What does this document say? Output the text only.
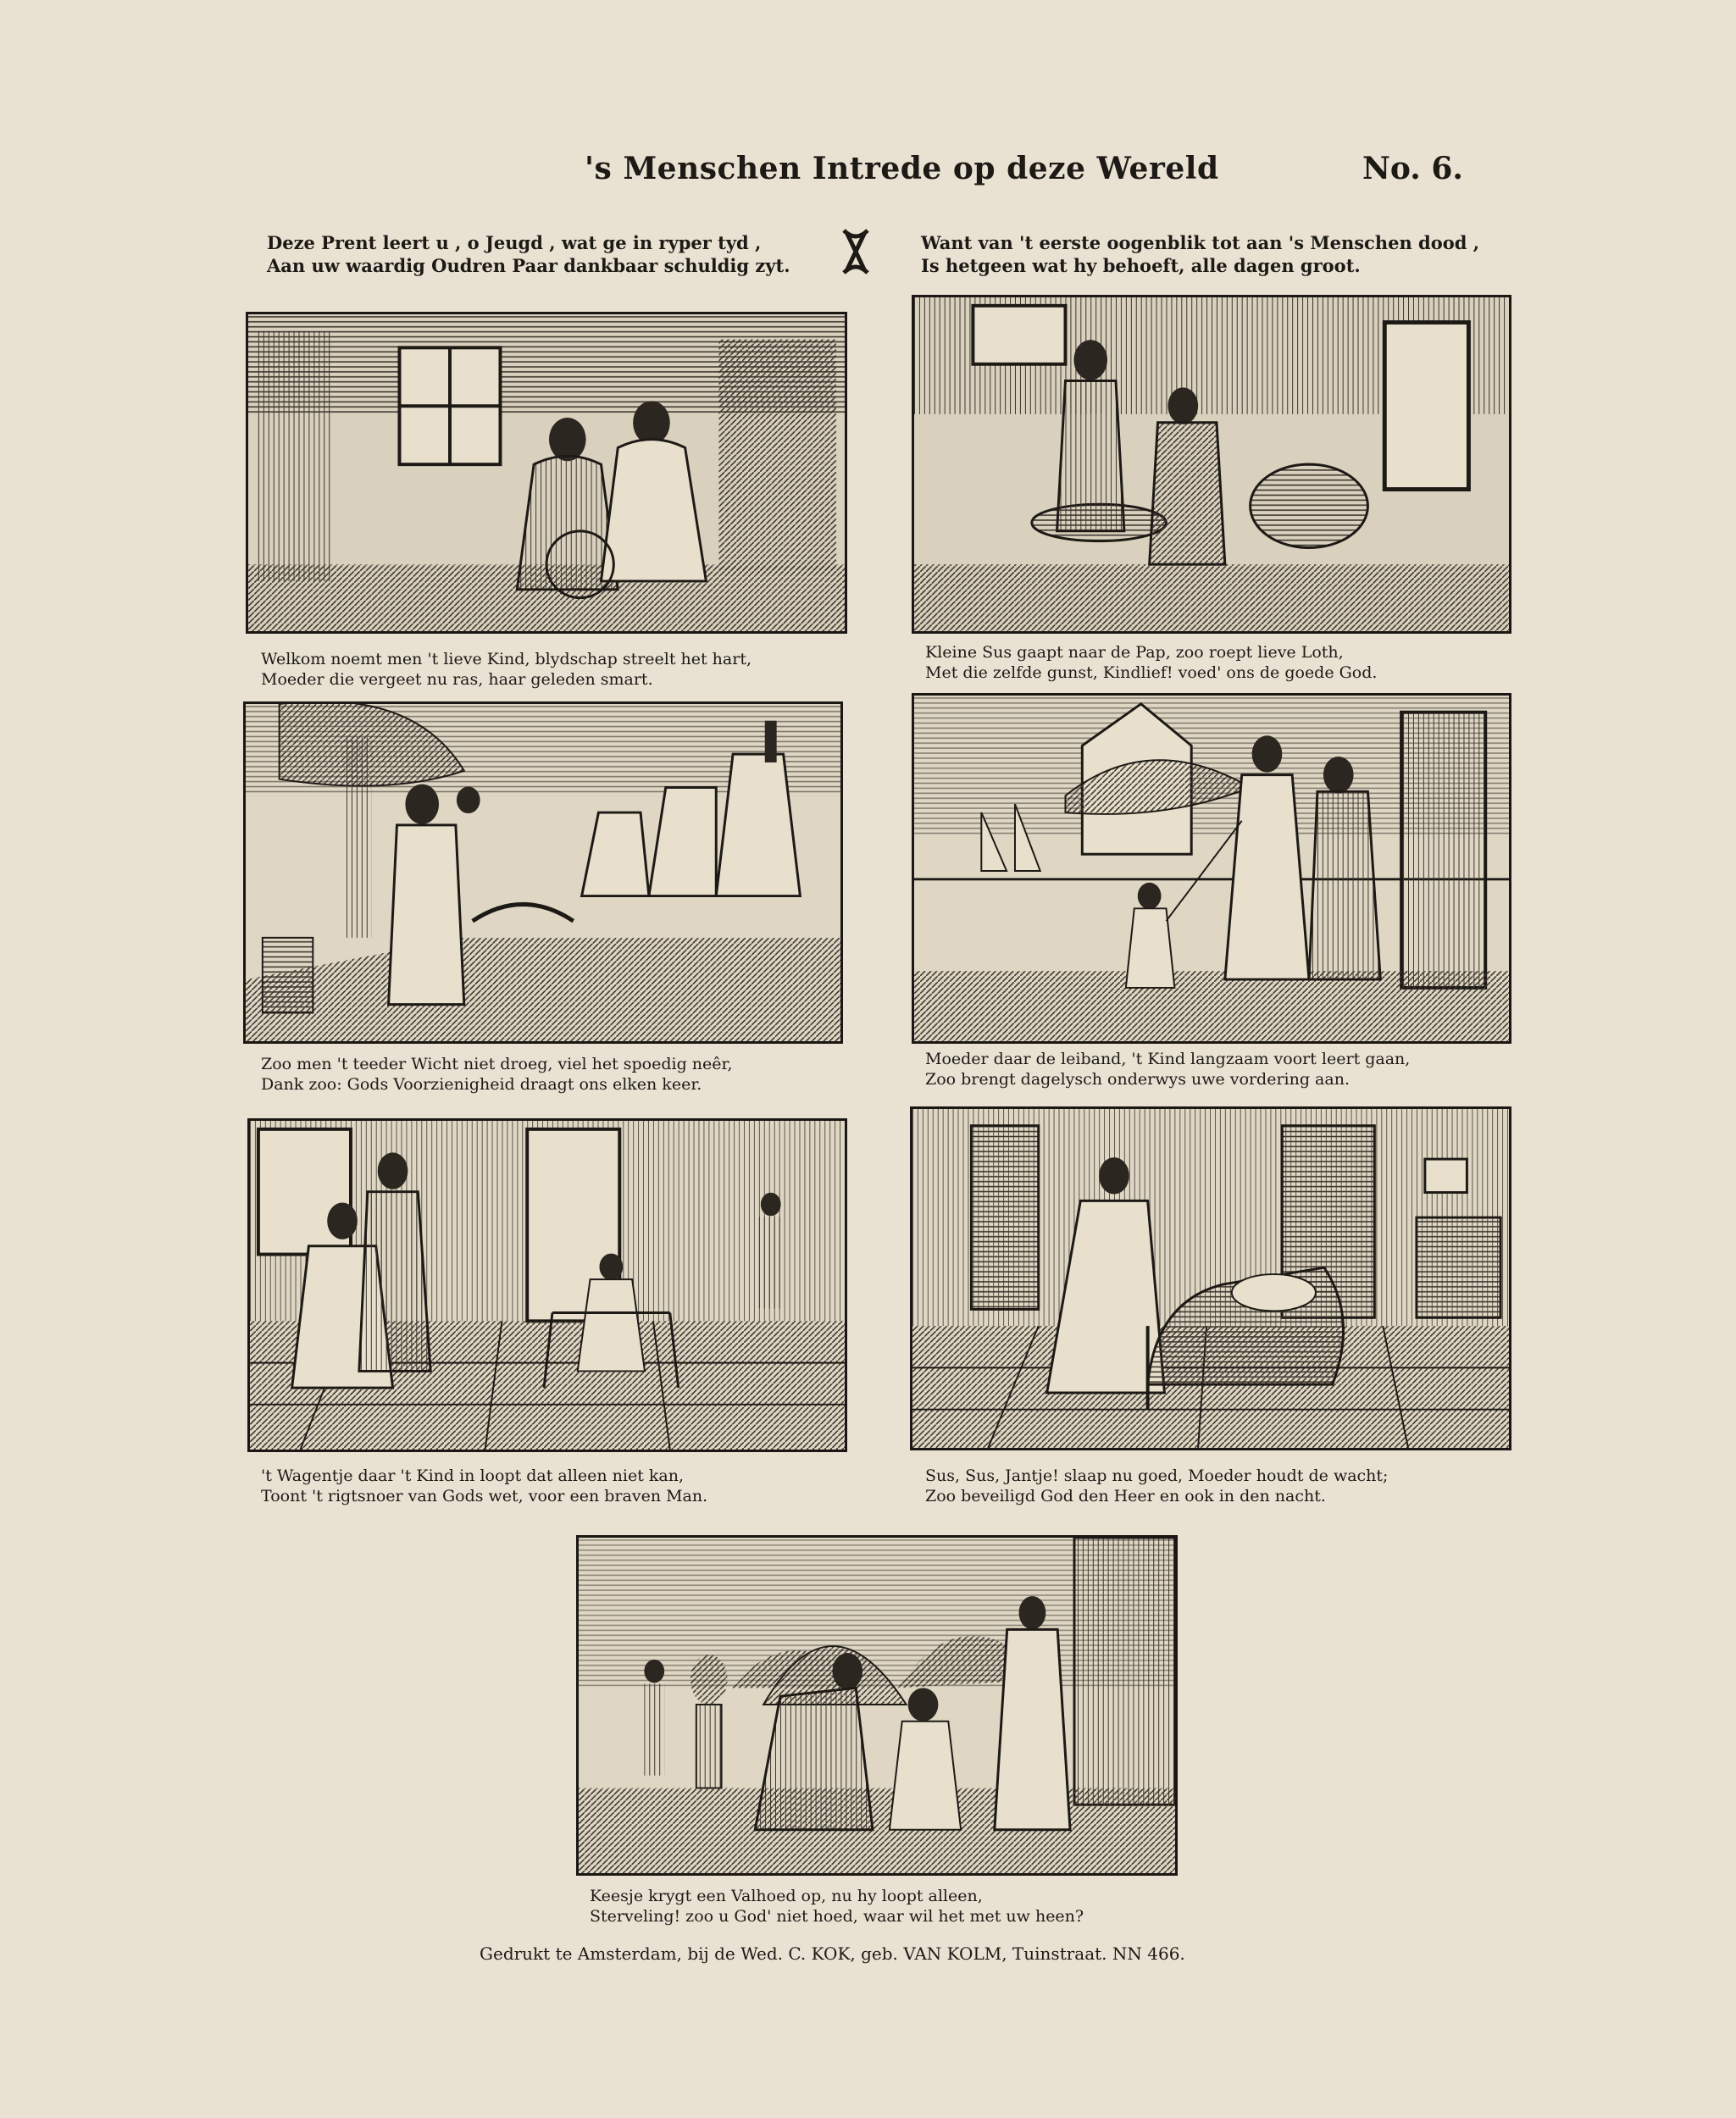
's Menschen Intrede op deze Wereld	No. 6.
Deze Prent leert u , o Jeugd , wat ge in ryper tyd ,
Aan uw waardig Oudren Paar dankbaar schuldig zyt.
Want van 't eerste oogenblik tot aan 's Menschen dood ,
Is hetgeen wat hy behoeft, alle dagen groot.
Welkom noemt men 't lieve Kind, blydschap streelt het hart,
Moeder die vergeet nu ras, haar geleden smart.
Kleine Sus gaapt naar de Pap, zoo roept lieve Loth,
Met die zelfde gunst, Kindlief! voed' ons de goede God.
Zoo men 't teeder Wicht niet droeg, viel het spoedig neêr,
Dank zoo: Gods Voorzienigheid draagt ons elken keer.
Moeder daar de leiband, 't Kind langzaam voort leert gaan,
Zoo brengt dagelysch onderwys uwe vordering aan.
't Wagentje daar 't Kind in loopt dat alleen niet kan,
Toont 't rigtsnoer van Gods wet, voor een braven Man.
Sus, Sus, Jantje! slaap nu goed, Moeder houdt de wacht;
Zoo beveiligd God den Heer en ook in den nacht.
Keesje krygt een Valhoed op, nu hy loopt alleen,
Sterveling! zoo u God' niet hoed, waar wil het met uw heen?
Gedrukt te Amsterdam, bij de Wed. C. KOK, geb. VAN KOLM, Tuinstraat. NN 466.
